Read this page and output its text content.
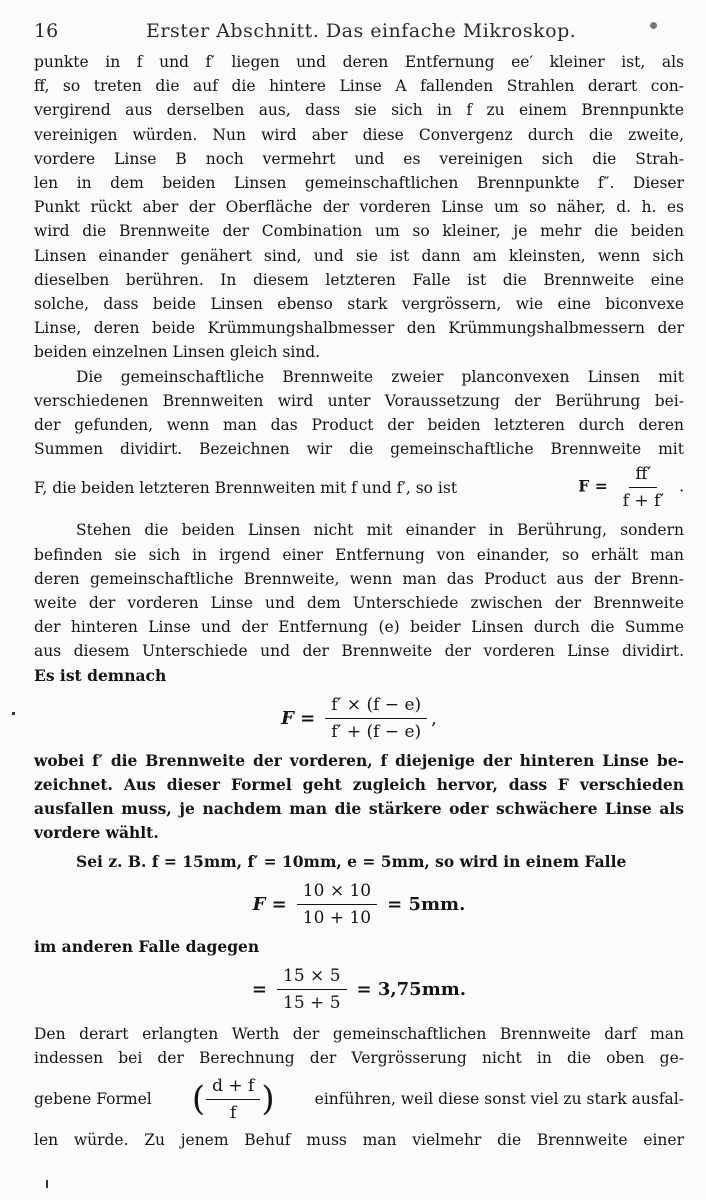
16	Erster Abschnitt. Das einfache Mikroskop.

punkte in f und f′ liegen und deren Entfernung ee′ kleiner ist, als

ff, so treten die auf die hintere Linse A fallenden Strahlen derart con-

vergirend aus derselben aus, dass sie sich in f zu einem Brennpunkte

vereinigen würden. Nun wird aber diese Convergenz durch die zweite,

vordere Linse B noch vermehrt und es vereinigen sich die Strah-

len in dem beiden Linsen gemeinschaftlichen Brennpunkte f″. Dieser

Punkt rückt aber der Oberfläche der vorderen Linse um so näher, d. h. es

wird die Brennweite der Combination um so kleiner, je mehr die beiden

Linsen einander genähert sind, und sie ist dann am kleinsten, wenn sich

dieselben berühren. In diesem letzteren Falle ist die Brennweite eine

solche, dass beide Linsen ebenso stark vergrössern, wie eine biconvexe

Linse, deren beide Krümmungshalbmesser den Krümmungshalbmessern der

beiden einzelnen Linsen gleich sind.

Die gemeinschaftliche Brennweite zweier planconvexen Linsen mit

verschiedenen Brennweiten wird unter Voraussetzung der Berührung bei-

der gefunden, wenn man das Product der beiden letzteren durch deren

Summen dividirt. Bezeichnen wir die gemeinschaftliche Brennweite mit

F, die beiden letzteren Brennweiten mit f und f′, so ist	$F = \frac{ff'}{f + f'}$ .

Stehen die beiden Linsen nicht mit einander in Berührung, sondern

befinden sie sich in irgend einer Entfernung von einander, so erhält man

deren gemeinschaftliche Brennweite, wenn man das Product aus der Brenn-

weite der vorderen Linse und dem Unterschiede zwischen der Brennweite

der hinteren Linse und der Entfernung (e) beider Linsen durch die Summe

aus diesem Unterschiede und der Brennweite der vorderen Linse dividirt.

Es ist demnach

$F = \frac{f' \times (f - e)}{f' + (f - e)}$ ,

wobei f′ die Brennweite der vorderen, f diejenige der hinteren Linse be-

zeichnet. Aus dieser Formel geht zugleich hervor, dass F verschieden

ausfallen muss, je nachdem man die stärkere oder schwächere Linse als

vordere wählt.

Sei z. B. f = 15mm, f′ = 10mm, e = 5mm, so wird in einem Falle

$F = \frac{10 \times 10}{10 + 10} = 5mm$.

im anderen Falle dagegen

= $\frac{15 \times 5}{15 + 5} = 3,75mm$.

Den derart erlangten Werth der gemeinschaftlichen Brennweite darf man

indessen bei der Berechnung der Vergrösserung nicht in die oben ge-

gebene Formel ( $\frac{d + f}{f}$ )	einführen, weil diese sonst viel zu stark ausfal-

len würde. Zu jenem Behuf muss man vielmehr die Brennweite einer
